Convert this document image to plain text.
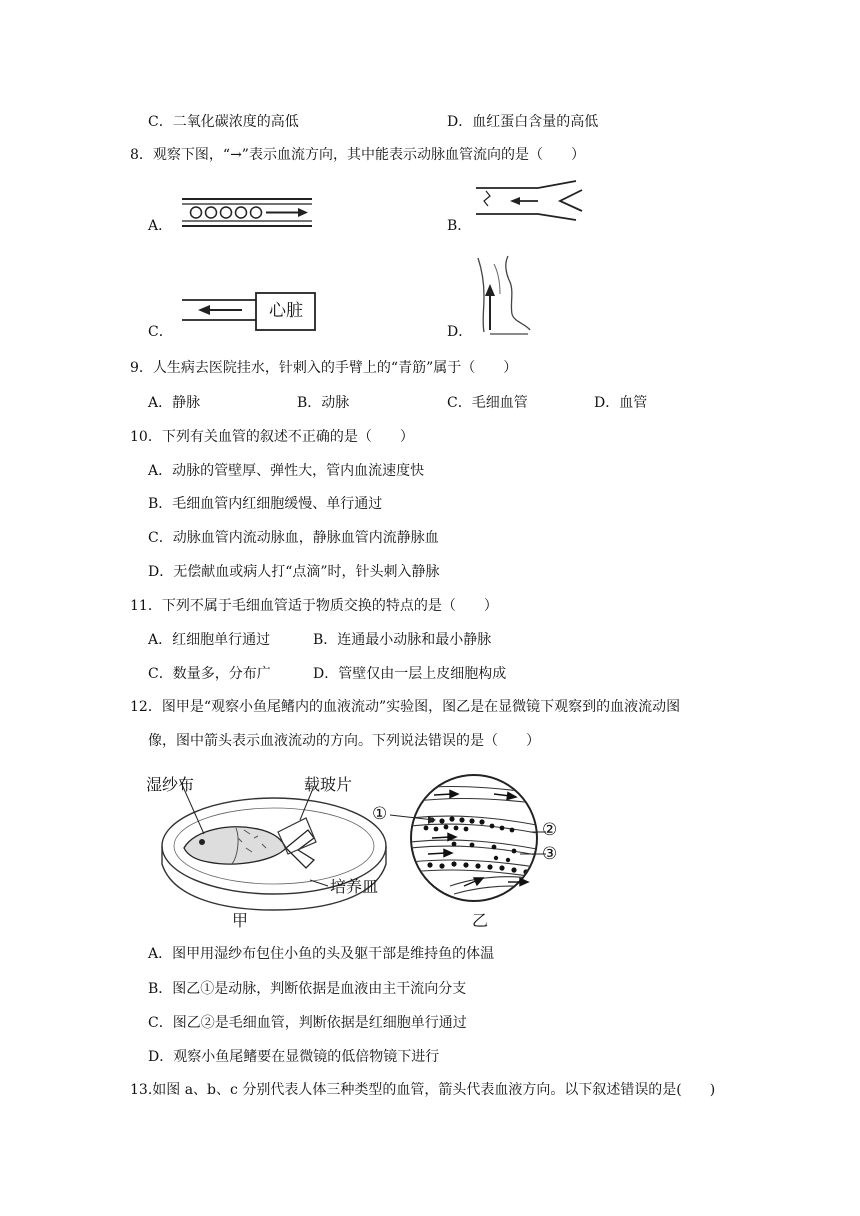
C．二氧化碳浓度的高低	D．血红蛋白含量的高低
8．观察下图，“→”表示血流方向，其中能表示动脉血管流向的是（　　）
A．	B．
C．
心脏
D．
9．人生病去医院挂水，针刺入的手臂上的“青筋”属于（　　）
A．静脉	B．动脉	C．毛细血管	D．血管
10．下列有关血管的叙述不正确的是（　　）
A．动脉的管壁厚、弹性大，管内血流速度快
B．毛细血管内红细胞缓慢、单行通过
C．动脉血管内流动脉血，静脉血管内流静脉血
D．无偿献血或病人打“点滴”时，针头刺入静脉
11．下列不属于毛细血管适于物质交换的特点的是（　　）
A．红细胞单行通过	B．连通最小动脉和最小静脉
C．数量多，分布广	D．管壁仅由一层上皮细胞构成
12．图甲是“观察小鱼尾鳍内的血液流动”实验图，图乙是在显微镜下观察到的血液流动图
像，图中箭头表示血液流动的方向。下列说法错误的是（　　）
湿纱布	载玻片
培养皿
甲
①
②
③
乙
A．图甲用湿纱布包住小鱼的头及躯干部是维持鱼的体温
B．图乙①是动脉，判断依据是血液由主干流向分支
C．图乙②是毛细血管，判断依据是红细胞单行通过
D．观察小鱼尾鳍要在显微镜的低倍物镜下进行
13.如图 a、b、c 分别代表人体三种类型的血管，箭头代表血液方向。以下叙述错误的是(　　)
